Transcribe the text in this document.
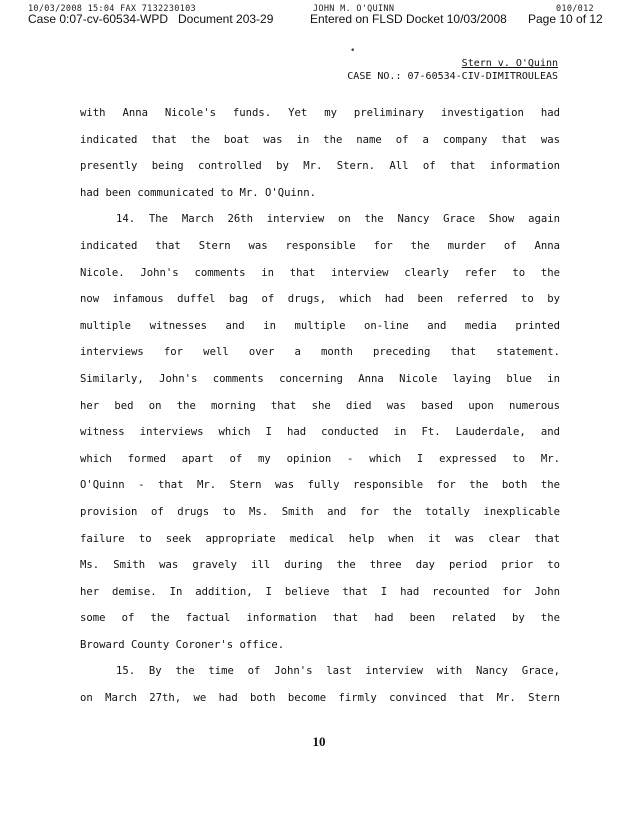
10/03/2008 15:04 FAX 7132230103	JOHN M. O'QUINN	010/012
Case 0:07-cv-60534-WPD Document 203-29	Entered on FLSD Docket 10/03/2008 Page 10 of 12
•
Stern v. O'Quinn
CASE NO.: 07-60534-CIV-DIMITROULEAS
with Anna Nicole's funds. Yet my preliminary investigation had
indicated that the boat was in the name of a company that was
presently being controlled by Mr. Stern. All of that information
had been communicated to Mr. O'Quinn.
14. The March 26th interview on the Nancy Grace Show again
indicated that Stern was responsible for the murder of Anna
Nicole. John's comments in that interview clearly refer to the
now infamous duffel bag of drugs, which had been referred to by
multiple witnesses and in multiple on-line and media printed
interviews for well over a month preceding that statement.
Similarly, John's comments concerning Anna Nicole laying blue in
her bed on the morning that she died was based upon numerous
witness interviews which I had conducted in Ft. Lauderdale, and
which formed apart of my opinion - which I expressed to Mr.
O'Quinn - that Mr. Stern was fully responsible for the both the
provision of drugs to Ms. Smith and for the totally inexplicable
failure to seek appropriate medical help when it was clear that
Ms. Smith was gravely ill during the three day period prior to
her demise. In addition, I believe that I had recounted for John
some of the factual information that had been related by the
Broward County Coroner's office.
15. By the time of John's last interview with Nancy Grace,
on March 27th, we had both become firmly convinced that Mr. Stern
10
